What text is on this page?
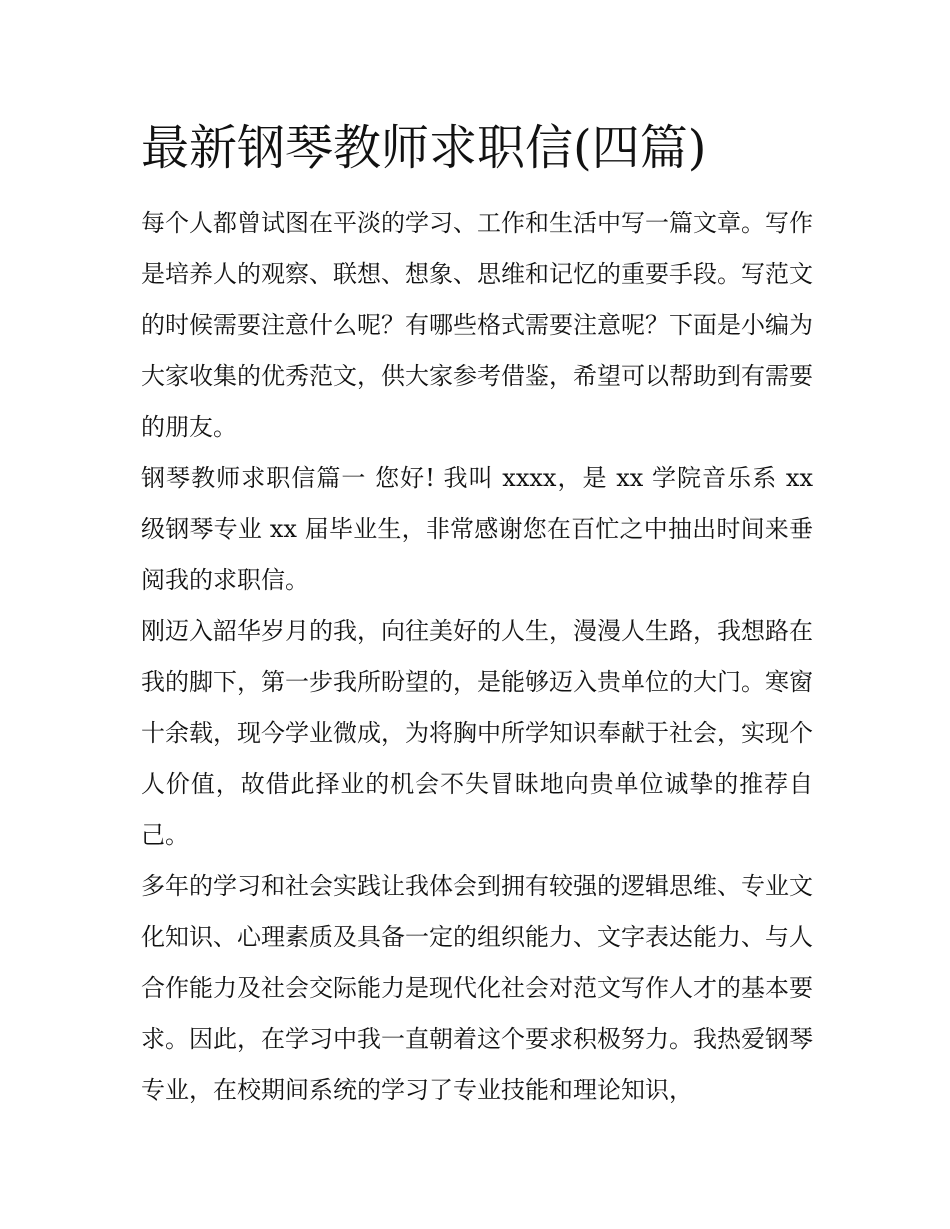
最新钢琴教师求职信(四篇)

每个人都曾试图在平淡的学习、工作和生活中写一篇文章。写作是培养人的观察、联想、想象、思维和记忆的重要手段。写范文的时候需要注意什么呢？有哪些格式需要注意呢？下面是小编为大家收集的优秀范文，供大家参考借鉴，希望可以帮助到有需要的朋友。

钢琴教师求职信篇一 您好! 我叫 xxxx，是 xx 学院音乐系 xx 级钢琴专业 xx 届毕业生，非常感谢您在百忙之中抽出时间来垂阅我的求职信。

刚迈入韶华岁月的我，向往美好的人生，漫漫人生路，我想路在我的脚下，第一步我所盼望的，是能够迈入贵单位的大门。寒窗十余载，现今学业微成，为将胸中所学知识奉献于社会，实现个人价值，故借此择业的机会不失冒昧地向贵单位诚挚的推荐自己。

多年的学习和社会实践让我体会到拥有较强的逻辑思维、专业文化知识、心理素质及具备一定的组织能力、文字表达能力、与人合作能力及社会交际能力是现代化社会对范文写作人才的基本要求。因此，在学习中我一直朝着这个要求积极努力。我热爱钢琴专业，在校期间系统的学习了专业技能和理论知识，
